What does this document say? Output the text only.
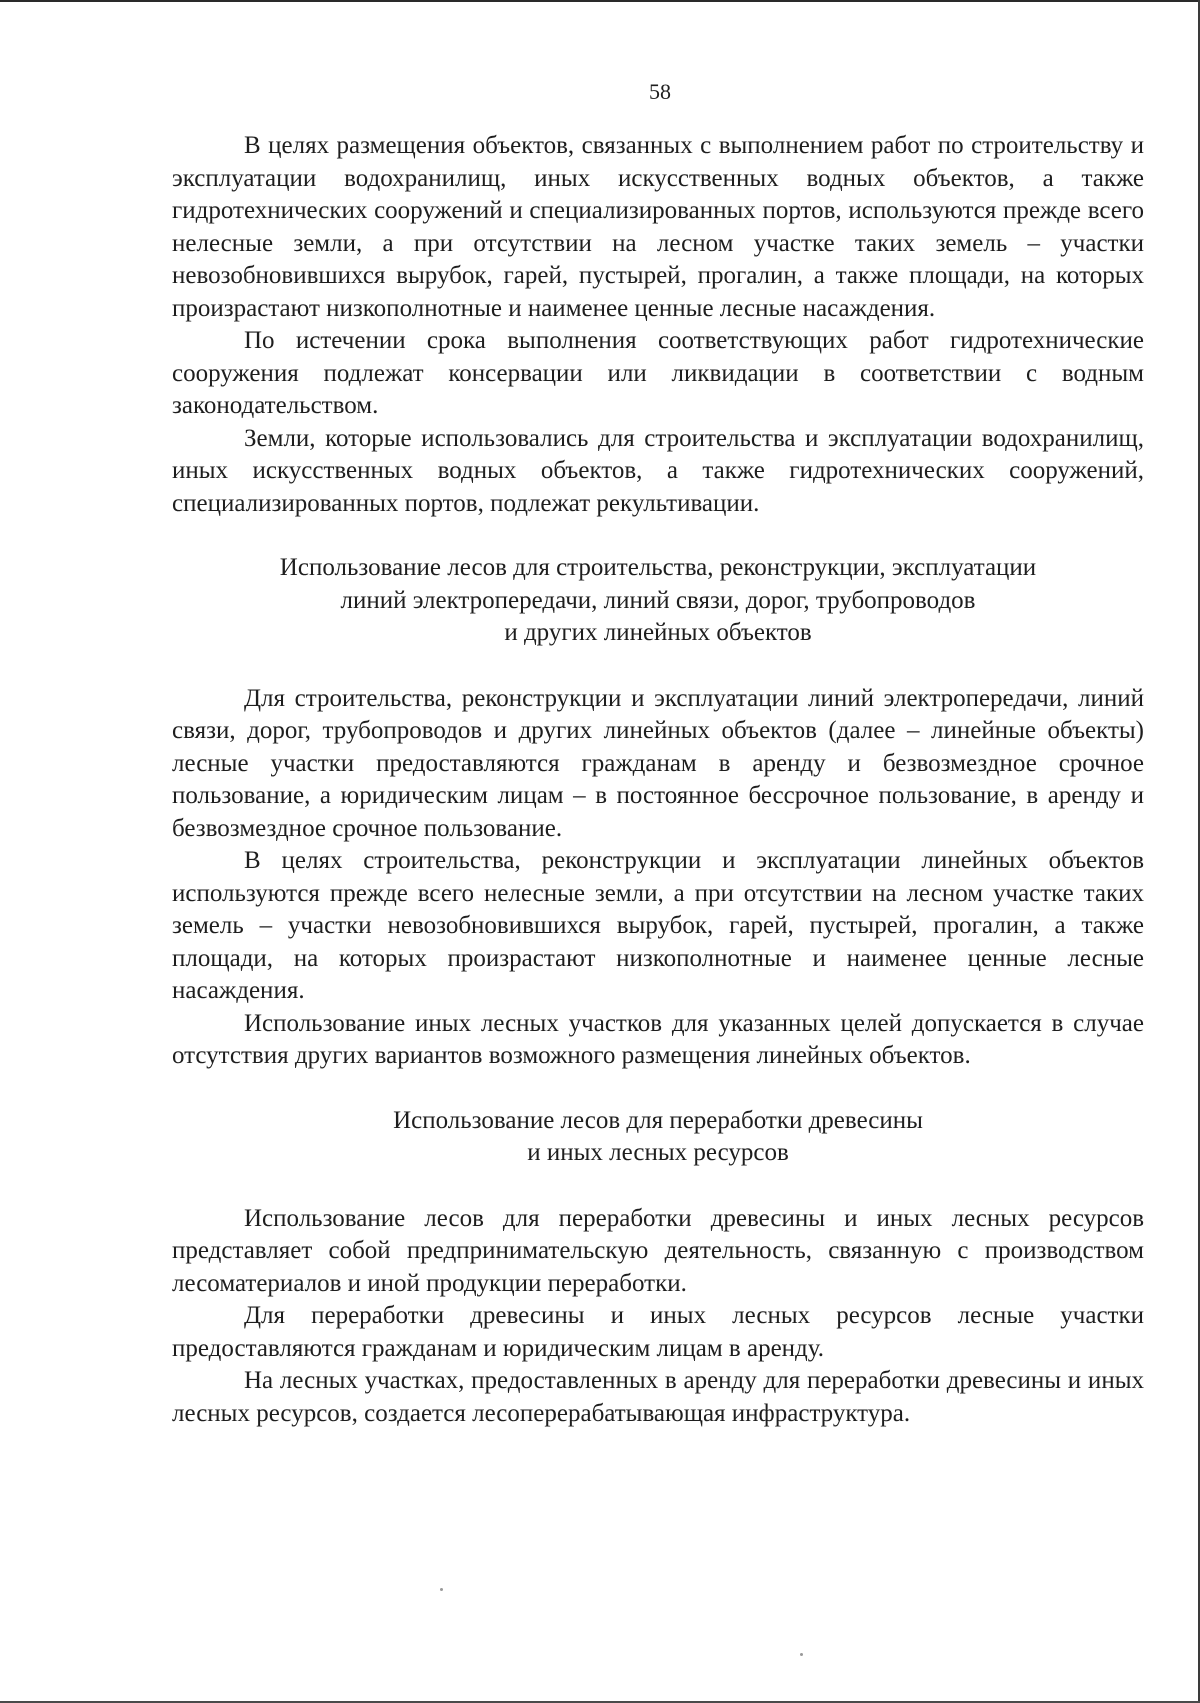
58

В целях размещения объектов, связанных с выполнением работ по строительству и эксплуатации водохранилищ, иных искусственных водных объектов, а также гидротехнических сооружений и специализированных портов, используются прежде всего нелесные земли, а при отсутствии на лесном участке таких земель – участки невозобновившихся вырубок, гарей, пустырей, прогалин, а также площади, на которых произрастают низкополнотные и наименее ценные лесные насаждения.

По истечении срока выполнения соответствующих работ гидротехнические сооружения подлежат консервации или ликвидации в соответствии с водным законодательством.

Земли, которые использовались для строительства и эксплуатации водохранилищ, иных искусственных водных объектов, а также гидротехнических сооружений, специализированных портов, подлежат рекультивации.

Использование лесов для строительства, реконструкции, эксплуатации
линий электропередачи, линий связи, дорог, трубопроводов
и других линейных объектов

Для строительства, реконструкции и эксплуатации линий электропередачи, линий связи, дорог, трубопроводов и других линейных объектов (далее – линейные объекты) лесные участки предоставляются гражданам в аренду и безвозмездное срочное пользование, а юридическим лицам – в постоянное бессрочное пользование, в аренду и безвозмездное срочное пользование.

В целях строительства, реконструкции и эксплуатации линейных объектов используются прежде всего нелесные земли, а при отсутствии на лесном участке таких земель – участки невозобновившихся вырубок, гарей, пустырей, прогалин, а также площади, на которых произрастают низкополнотные и наименее ценные лесные насаждения.

Использование иных лесных участков для указанных целей допускается в случае отсутствия других вариантов возможного размещения линейных объектов.

Использование лесов для переработки древесины
и иных лесных ресурсов

Использование лесов для переработки древесины и иных лесных ресурсов представляет собой предпринимательскую деятельность, связанную с производством лесоматериалов и иной продукции переработки.

Для переработки древесины и иных лесных ресурсов лесные участки предоставляются гражданам и юридическим лицам в аренду.

На лесных участках, предоставленных в аренду для переработки древесины и иных лесных ресурсов, создается лесоперерабатывающая инфраструктура.
